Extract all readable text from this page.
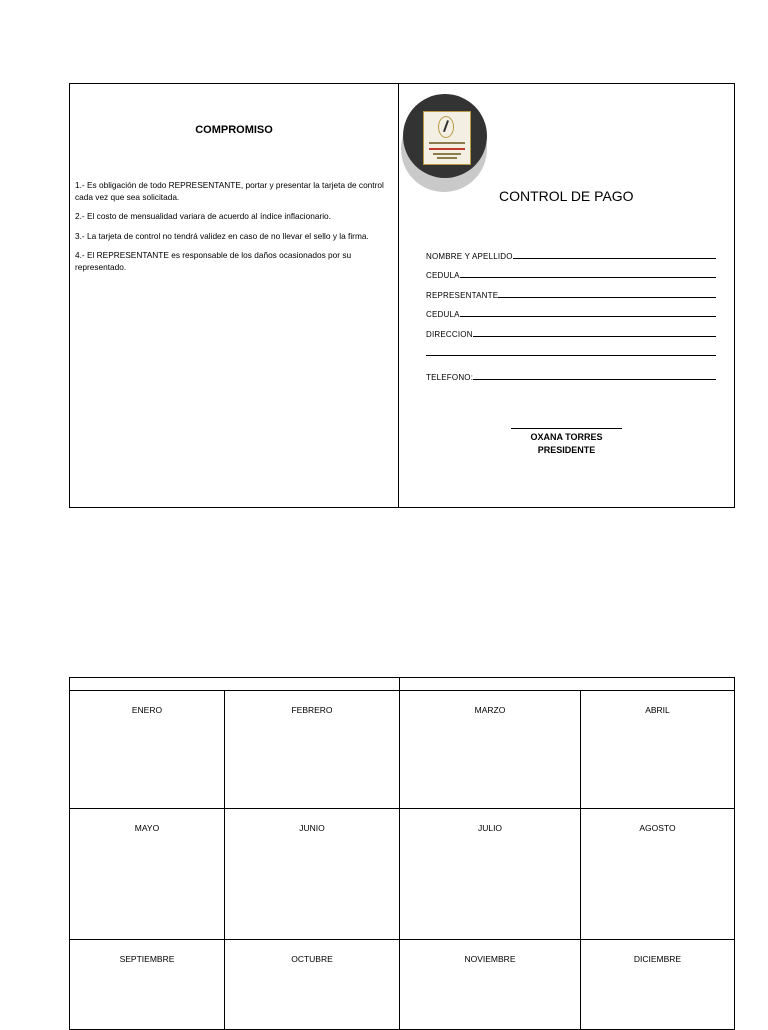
COMPROMISO

1.- Es obligación de todo REPRESENTANTE, portar y presentar la tarjeta de control cada vez que sea solicitada.

2.- El costo de mensualidad variara de acuerdo al índice inflacionario.

3.- La tarjeta de control no tendrá validez en caso de no llevar el sello y la firma.

4.- El REPRESENTANTE es responsable de los daños ocasionados por su representado.

CONTROL DE PAGO
NOMBRE Y APELLIDO
CEDULA
REPRESENTANTE
CEDULA
DIRECCION
TELEFONO:
OXANA TORRES
PRESIDENTE

ENERO	FEBRERO	MARZO	ABRIL

MAYO	JUNIO	JULIO	AGOSTO

SEPTIEMBRE	OCTUBRE	NOVIEMBRE	DICIEMBRE
